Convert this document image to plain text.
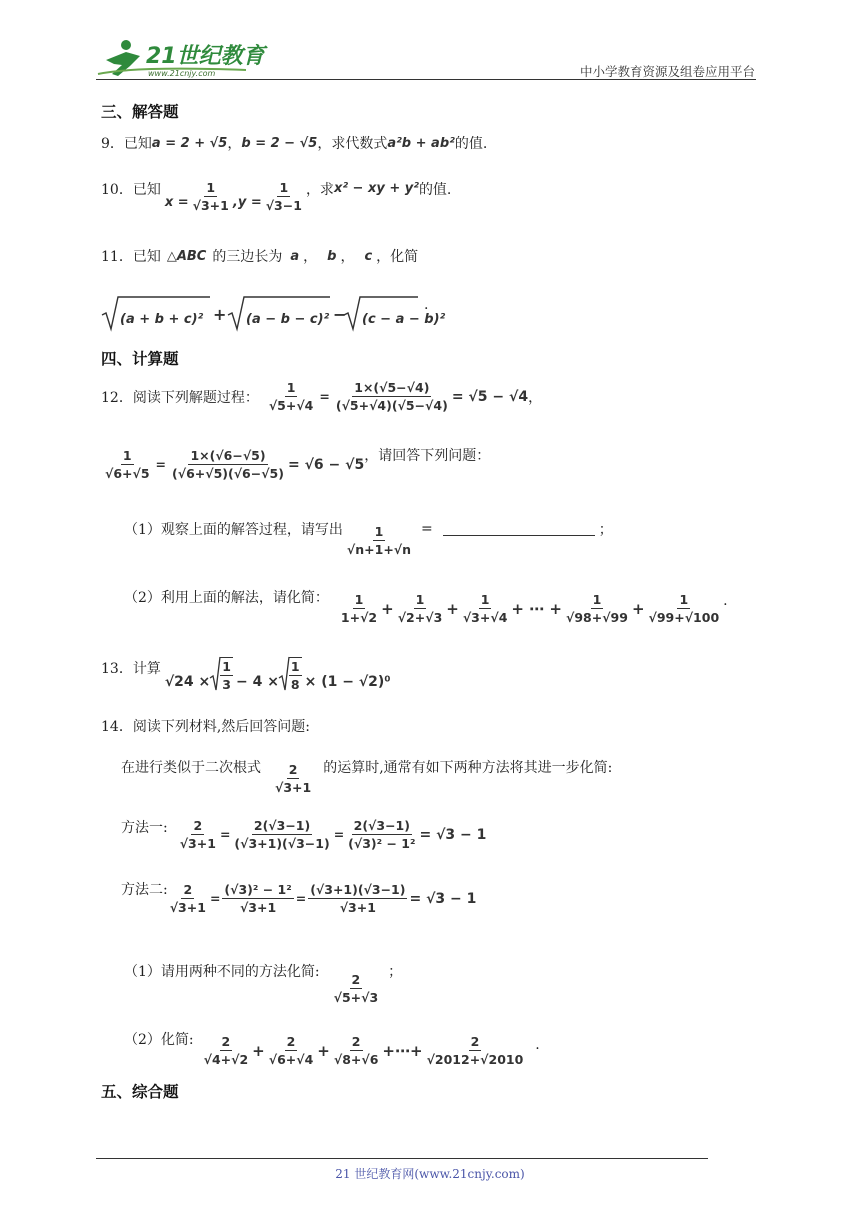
21世纪教育
www.21cnjy.com	中小学教育资源及组卷应用平台
三、解答题
9．已知 a = 2 + √5 ， b = 2 − √5 ，求代数式 a²b + ab² 的值.
10．已知
$x = \frac{1}{√3+1}$ , $y = \frac{1}{√3-1}$ ，求 x² − xy + y² 的值.
11．已知 △ABC 的三边长为 a ， b ， c ，化简
(a + b + c)² + (a − b − c)² − (c − a − b)²
.
四、计算题
12．阅读下列解题过程： $\frac{1}{√5+√4} = \frac{1\times(√5-√4)}{(√5+√4)(√5-√4)} = √5 - √4$ ，
$\frac{1}{√6+√5} = \frac{1\times(√6-√5)}{(√6+√5)(√6-√5)} = √6 - √5$
，请回答下列问题：
（1）观察上面的解答过程，请写出 $\frac{1}{√n+1+√n}$ =	；
（2）利用上面的解法，请化简： $\frac{1}{1+√2} + \frac{1}{√2+√3} + \frac{1}{√3+√4}$ + ⋯ + $\frac{1}{√98+√99} + \frac{1}{√99+√100}$ .
13．计算
$√24 \times \frac{1}{3} - 4 \times \frac{1}{8} \times (1 - √2)^0$
14．阅读下列材料,然后回答问题:
在进行类似于二次根式 $\frac{2}{√3+1}$ 的运算时,通常有如下两种方法将其进一步化简:
方法一: $\frac{2}{√3+1} = \frac{2(√3-1)}{(√3+1)(√3-1)} = \frac{2(√3-1)}{\text{(√3)² − 1²}} = √3 - 1$
方法二: $\frac{2}{√3+1} = \frac{\text{(√3)² − 1²}}{√3+1} = \frac{(√3+1)(√3-1)}{√3+1} = √3 - 1$
（1）请用两种不同的方法化简:
$\frac{2}{√5+√3}$
；
（2）化简: $\frac{2}{√4+√2} + \frac{2}{√6+√4} + \frac{2}{√8+√6}$ +⋯+ $\frac{2}{√2012+√2010}$ .
五、综合题
21 世纪教育网(www.21cnjy.com)
